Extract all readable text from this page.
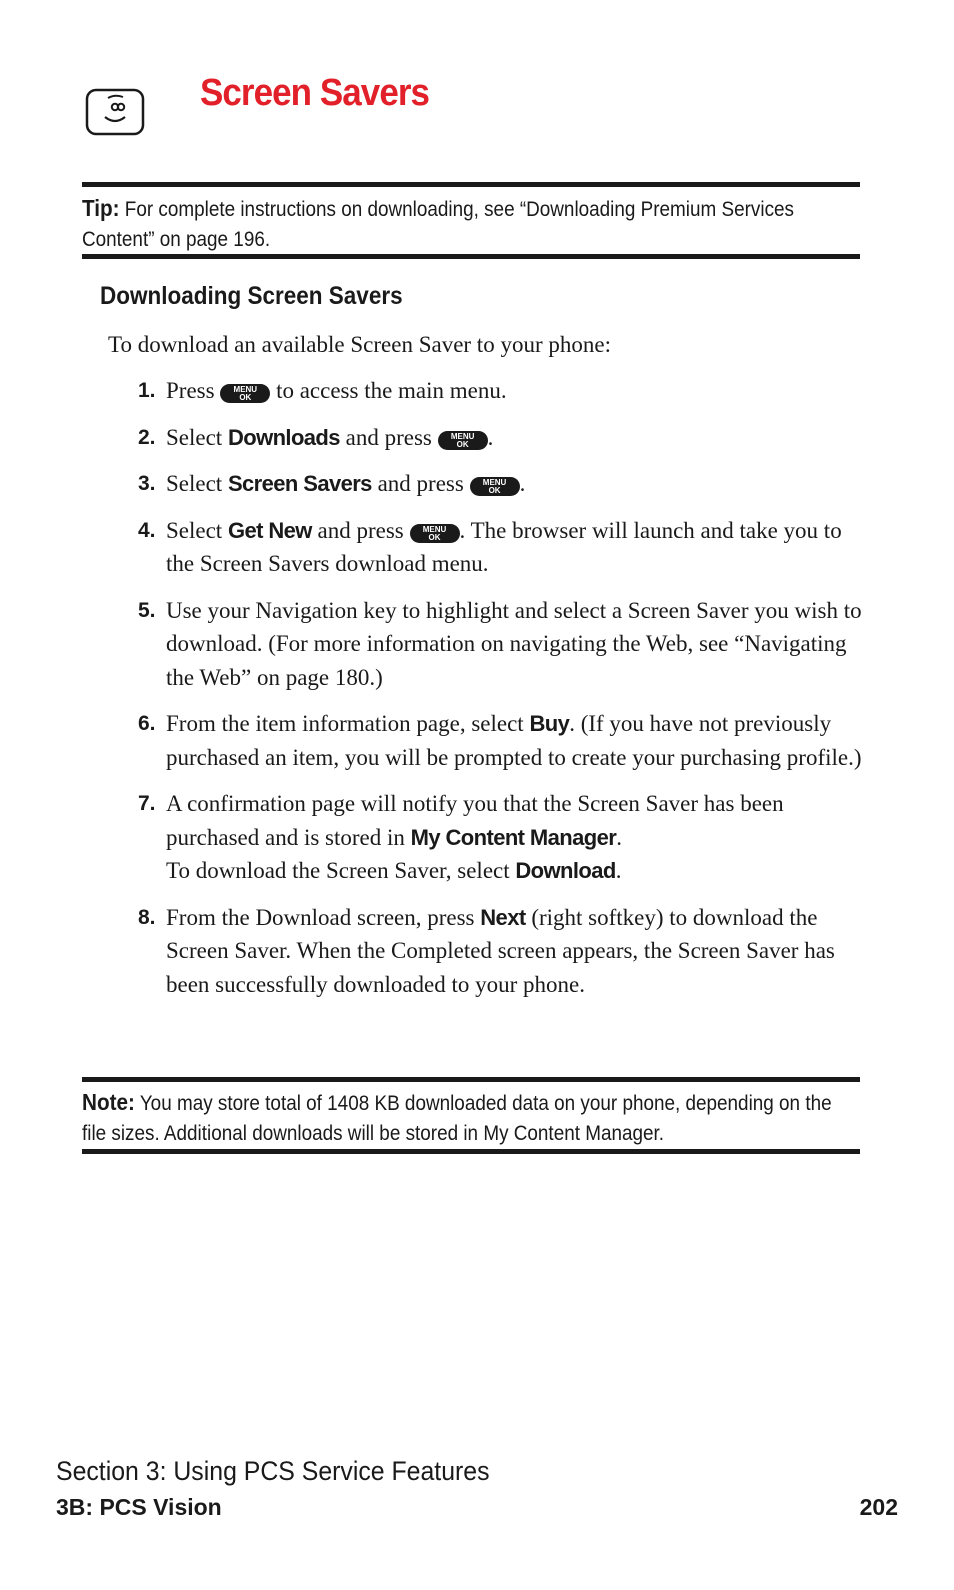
Screen Savers
Tip: For complete instructions on downloading, see “Downloading Premium Services Content” on page 196.
Downloading Screen Savers

To download an available Screen Saver to your phone:

1. Press	MENU
OK to access the main menu.
2. Select Downloads and press	MENU
OK .
3. Select Screen Savers and press	MENU
OK .
4. Select Get New and press	MENU
OK . The browser will launch and take you to the Screen Savers download menu.
5. Use your Navigation key to highlight and select a Screen Saver you wish to download. (For more information on navigating the Web, see “Navigating the Web” on page 180.)
6. From the item information page, select Buy. (If you have not previously purchased an item, you will be prompted to create your purchasing profile.)
7. A confirmation page will notify you that the Screen Saver has been purchased and is stored in My Content Manager.
To download the Screen Saver, select Download.
8. From the Download screen, press Next (right softkey) to download the Screen Saver. When the Completed screen appears, the Screen Saver has been successfully downloaded to your phone.
Note: You may store total of 1408 KB downloaded data on your phone, depending on the file sizes. Additional downloads will be stored in My Content Manager.

Section 3: Using PCS Service Features

3B: PCS Vision	202
